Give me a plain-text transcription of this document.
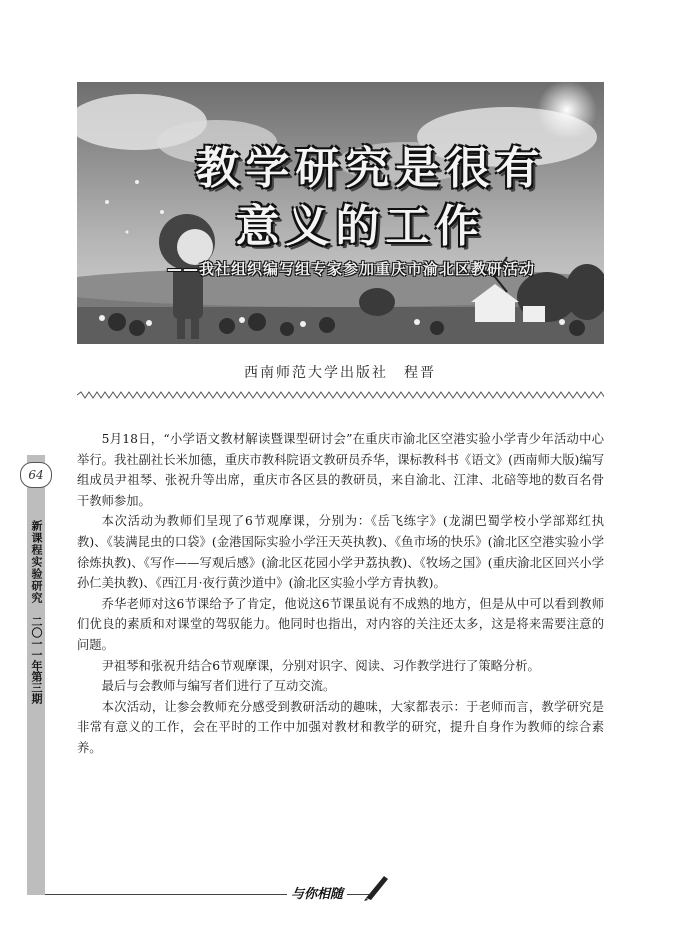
教学研究是很有
意义的工作
——我社组织编写组专家参加重庆市渝北区教研活动
西南师范大学出版社　程晋
64
新课程实验研究
二〇一一年第三期

5月18日，“小学语文教材解读暨课型研讨会”在重庆市渝北区空港实验小学青少年活动中心举行。我社副社长米加德，重庆市教科院语文教研员乔华，课标教科书《语文》(西南师大版)编写组成员尹祖琴、张祝升等出席，重庆市各区县的教研员，来自渝北、江津、北碚等地的数百名骨干教师参加。

本次活动为教师们呈现了6节观摩课，分别为：《岳飞练字》(龙湖巴蜀学校小学部郑红执教)、《装满昆虫的口袋》(金港国际实验小学汪天英执教)、《鱼市场的快乐》(渝北区空港实验小学徐炼执教)、《写作——写观后感》(渝北区花园小学尹荔执教)、《牧场之国》(重庆渝北区回兴小学孙仁美执教)、《西江月·夜行黄沙道中》(渝北区实验小学方青执教)。

乔华老师对这6节课给予了肯定，他说这6节课虽说有不成熟的地方，但是从中可以看到教师们优良的素质和对课堂的驾驭能力。他同时也指出，对内容的关注还太多，这是将来需要注意的问题。

尹祖琴和张祝升结合6节观摩课，分别对识字、阅读、习作教学进行了策略分析。

最后与会教师与编写者们进行了互动交流。

本次活动，让参会教师充分感受到教研活动的趣味，大家都表示：于老师而言，教学研究是非常有意义的工作，会在平时的工作中加强对教材和教学的研究，提升自身作为教师的综合素养。

与你相随
